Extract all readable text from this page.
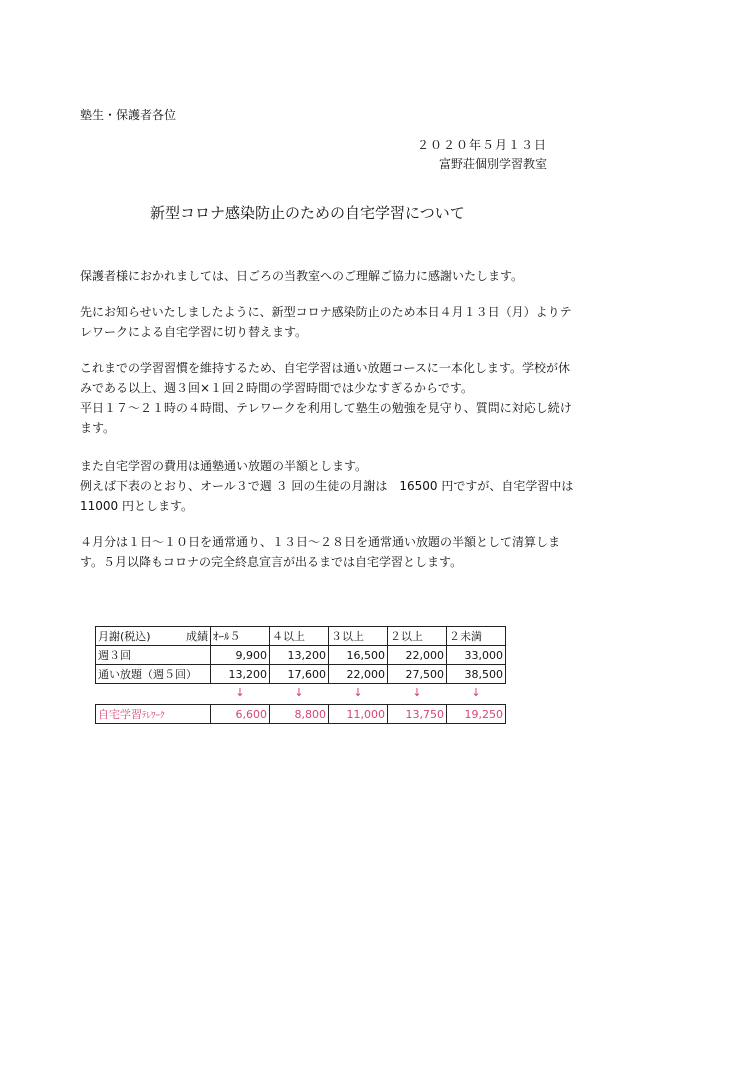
塾生・保護者各位
２０２０年５月１３日
富野荘個別学習教室
新型コロナ感染防止のための自宅学習について
保護者様におかれましては、日ごろの当教室へのご理解ご協力に感謝いたします。
先にお知らせいたしましたように、新型コロナ感染防止のため本日４月１３日（月）よりテ
レワークによる自宅学習に切り替えます。
これまでの学習習慣を維持するため、自宅学習は通い放題コースに一本化します。学校が休
みである以上、週３回×１回２時間の学習時間では少なすぎるからです。
平日１７～２１時の４時間、テレワークを利用して塾生の勉強を見守り、質問に対応し続け
ます。
また自宅学習の費用は通塾通い放題の半額とします。
例えば下表のとおり、オール３で週 ３ 回の生徒の月謝は　16500 円ですが、自宅学習中は
11000 円とします。
４月分は１日～１０日を通常通り、１３日～２８日を通常通い放題の半額として清算しま
す。５月以降もコロナの完全終息宣言が出るまでは自宅学習とします。
月謝(税込) 成績	ｵｰﾙ５	４以上	３以上	２以上	２未満
週３回	9,900	13,200	16,500	22,000	33,000
通い放題（週５回）	13,200	17,600	22,000	27,500	38,500
	↓	↓	↓	↓	↓

自宅学習ﾃﾚﾜｰｸ	6,600	8,800	11,000	13,750	19,250
